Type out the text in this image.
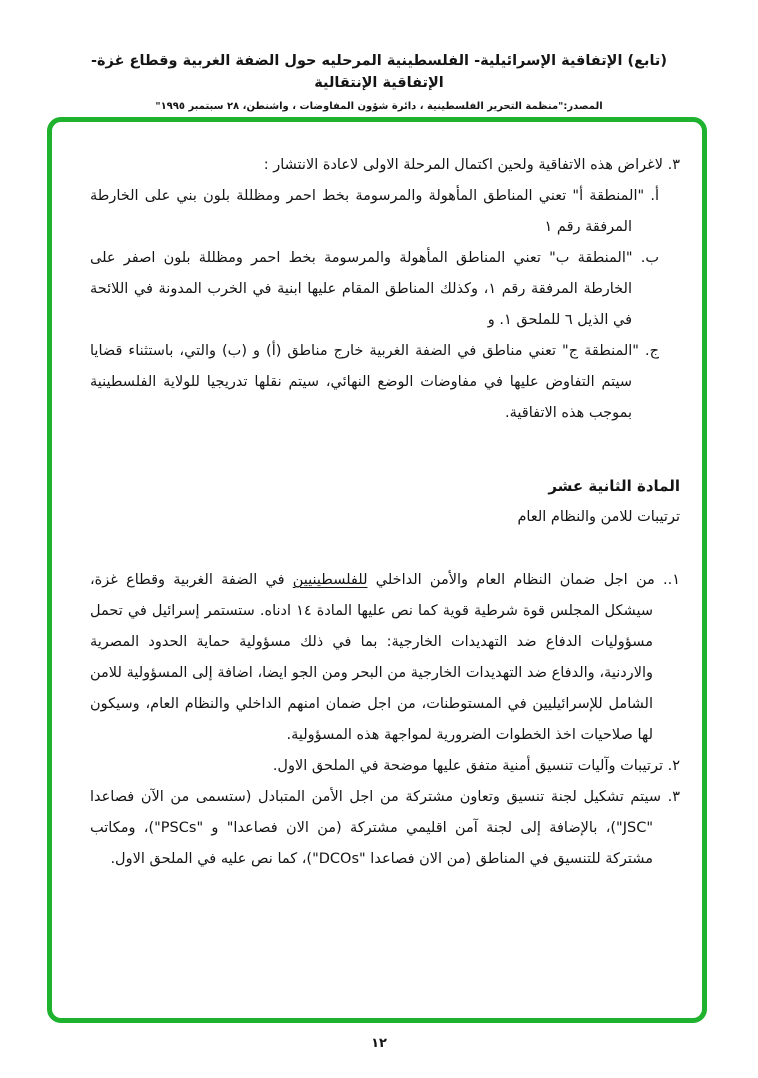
(تابع) الإتفاقية الإسرائيلية- الفلسطينية المرحليه حول الضفة الغربية وقطاع غزة- الإتفاقية الإنتقالية
المصدر:"منظمة التحرير الفلسطينية ، دائرة شؤون المفاوضات ، واشنطن، ٢٨ سبتمبر ١٩٩٥"

٣. لاغراض هذه الاتفاقية ولحين اكتمال المرحلة الاولى لاعادة الانتشار :

أ. "المنطقة أ" تعني المناطق المأهولة والمرسومة بخط احمر ومظللة بلون بني على الخارطة المرفقة رقم ١

ب. "المنطقة ب" تعني المناطق المأهولة والمرسومة بخط احمر ومظللة بلون اصفر على الخارطة المرفقة رقم ١، وكذلك المناطق المقام عليها ابنية في الخرب المدونة في اللائحة في الذيل ٦ للملحق ١. و

ج. "المنطقة ج" تعني مناطق في الضفة الغربية خارج مناطق (أ) و (ب) والتي، باستثناء قضايا سيتم التفاوض عليها في مفاوضات الوضع النهائي، سيتم نقلها تدريجيا للولاية الفلسطينية بموجب هذه الاتفاقية.

المادة الثانية عشر
ترتيبات للامن والنظام العام

١.. من اجل ضمان النظام العام والأمن الداخلي للفلسطينيين في الضفة الغربية وقطاع غزة، سيشكل المجلس قوة شرطية قوية كما نص عليها المادة ١٤ ادناه. ستستمر إسرائيل في تحمل مسؤوليات الدفاع ضد التهديدات الخارجية: بما في ذلك مسؤولية حماية الحدود المصرية والاردنية، والدفاع ضد التهديدات الخارجية من البحر ومن الجو ايضا، اضافة إلى المسؤولية للامن الشامل للإسرائيليين في المستوطنات، من اجل ضمان امنهم الداخلي والنظام العام، وسيكون لها صلاحيات اخذ الخطوات الضرورية لمواجهة هذه المسؤولية.

٢. ترتيبات وآليات تنسيق أمنية متفق عليها موضحة في الملحق الاول.

٣. سيتم تشكيل لجنة تنسيق وتعاون مشتركة من اجل الأمن المتبادل (ستسمى من الآن فصاعدا "JSC")، بالإضافة إلى لجنة آمن اقليمي مشتركة (من الان فصاعدا" و "PSCs")، ومكاتب مشتركة للتنسيق في المناطق (من الان فصاعدا "DCOs")، كما نص عليه في الملحق الاول.

١٢
